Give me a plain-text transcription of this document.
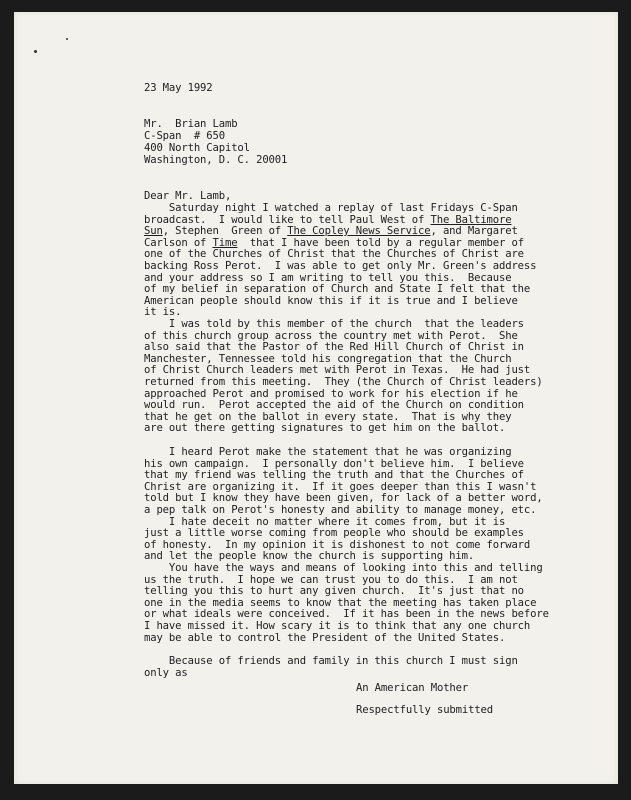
23 May 1992

Mr.  Brian Lamb

C-Span  # 650

400 North Capitol

Washington, D. C. 20001

Dear Mr. Lamb,

Saturday night I watched a replay of last Fridays C-Span
broadcast.  I would like to tell Paul West of The Baltimore
Sun, Stephen  Green of The Copley News Service, and Margaret
Carlson of Time  that I have been told by a regular member of
one of the Churches of Christ that the Churches of Christ are
backing Ross Perot.  I was able to get only Mr. Green's address
and your address so I am writing to tell you this.  Because
of my belief in separation of Church and State I felt that the
American people should know this if it is true and I believe
it is.
I was told by this member of the church  that the leaders
of this church group across the country met with Perot.  She
also said that the Pastor of the Red Hill Church of Christ in
Manchester, Tennessee told his congregation that the Church
of Christ Church leaders met with Perot in Texas.  He had just
returned from this meeting.  They (the Church of Christ leaders)
approached Perot and promised to work for his election if he
would run.  Perot accepted the aid of the Church on condition
that he get on the ballot in every state.  That is why they
are out there getting signatures to get him on the ballot.
I heard Perot make the statement that he was organizing
his own campaign.  I personally don't believe him.  I believe
that my friend was telling the truth and that the Churches of
Christ are organizing it.  If it goes deeper than this I wasn't
told but I know they have been given, for lack of a better word,
a pep talk on Perot's honesty and ability to manage money, etc.
I hate deceit no matter where it comes from, but it is
just a little worse coming from people who should be examples
of honesty.  In my opinion it is dishonest to not come forward
and let the people know the church is supporting him.
You have the ways and means of looking into this and telling
us the truth.  I hope we can trust you to do this.  I am not
telling you this to hurt any given church.  It's just that no
one in the media seems to know that the meeting has taken place
or what ideals were conceived.  If it has been in the news before
I have missed it. How scary it is to think that any one church
may be able to control the President of the United States.
Because of friends and family in this church I must sign
only as

An American Mother

Respectfully submitted
